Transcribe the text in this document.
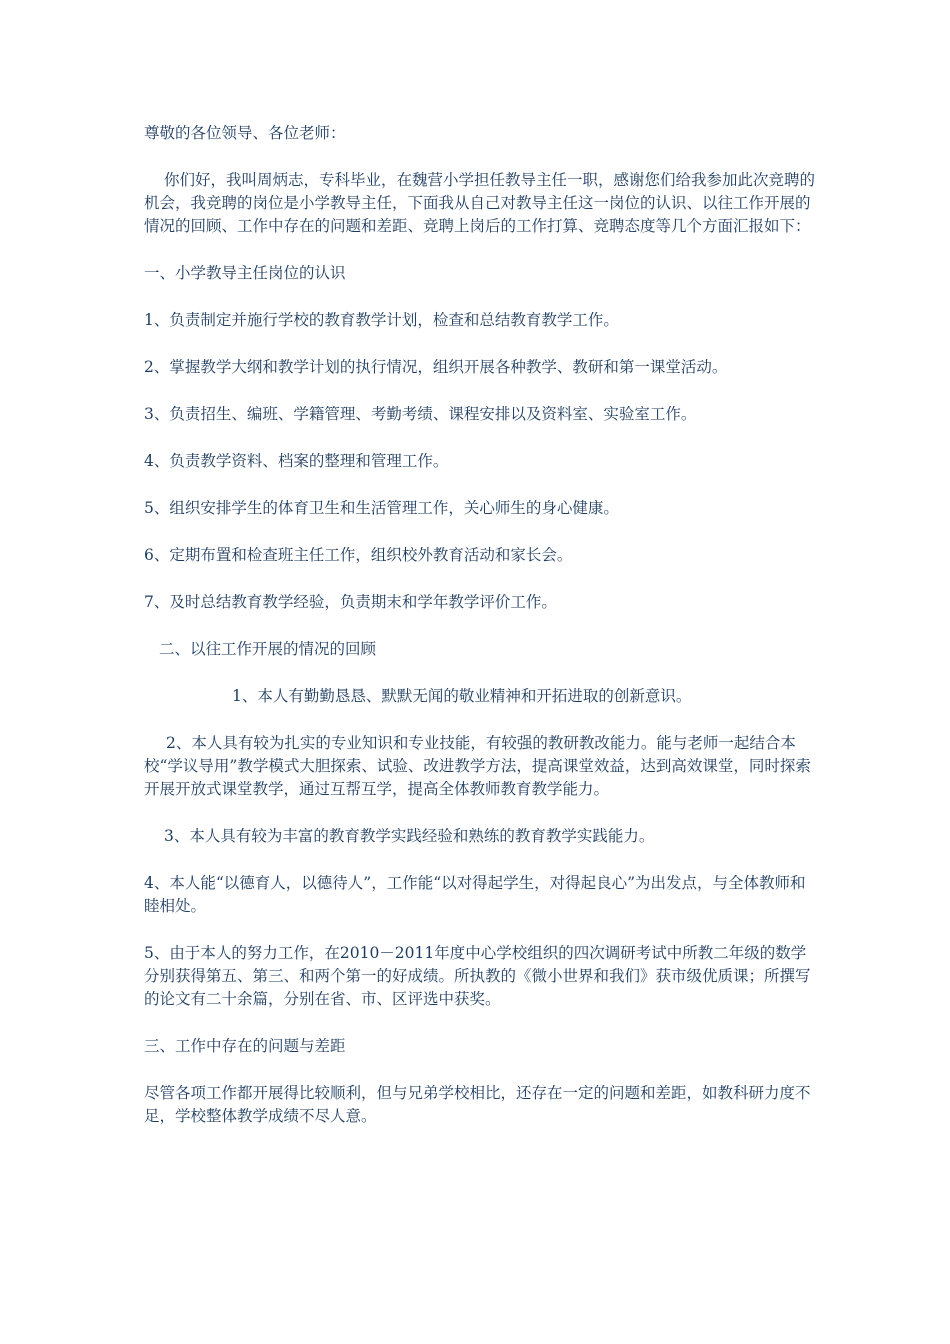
尊敬的各位领导、各位老师：

你们好，我叫周炳志，专科毕业，在魏营小学担任教导主任一职，感谢您们给我参加此次竞聘的机会，我竞聘的岗位是小学教导主任，下面我从自己对教导主任这一岗位的认识、以往工作开展的情况的回顾、工作中存在的问题和差距、竞聘上岗后的工作打算、竞聘态度等几个方面汇报如下：

一、小学教导主任岗位的认识

1、负责制定并施行学校的教育教学计划，检查和总结教育教学工作。

2、掌握教学大纲和教学计划的执行情况，组织开展各种教学、教研和第一课堂活动。

3、负责招生、编班、学籍管理、考勤考绩、课程安排以及资料室、实验室工作。

4、负责教学资料、档案的整理和管理工作。

5、组织安排学生的体育卫生和生活管理工作，关心师生的身心健康。

6、定期布置和检查班主任工作，组织校外教育活动和家长会。

7、及时总结教育教学经验，负责期末和学年教学评价工作。

二、以往工作开展的情况的回顾

1、本人有勤勤恳恳、默默无闻的敬业精神和开拓进取的创新意识。

2、本人具有较为扎实的专业知识和专业技能，有较强的教研教改能力。能与老师一起结合本校“学议导用”教学模式大胆探索、试验、改进教学方法，提高课堂效益，达到高效课堂，同时探索开展开放式课堂教学，通过互帮互学，提高全体教师教育教学能力。

3、本人具有较为丰富的教育教学实践经验和熟练的教育教学实践能力。

4、本人能“以德育人，以德待人”，工作能“以对得起学生，对得起良心”为出发点，与全体教师和睦相处。

5、由于本人的努力工作，在2010－2011年度中心学校组织的四次调研考试中所教二年级的数学分别获得第五、第三、和两个第一的好成绩。所执教的《微小世界和我们》获市级优质课；所撰写的论文有二十余篇，分别在省、市、区评选中获奖。

三、工作中存在的问题与差距

尽管各项工作都开展得比较顺利，但与兄弟学校相比，还存在一定的问题和差距，如教科研力度不足，学校整体教学成绩不尽人意。
